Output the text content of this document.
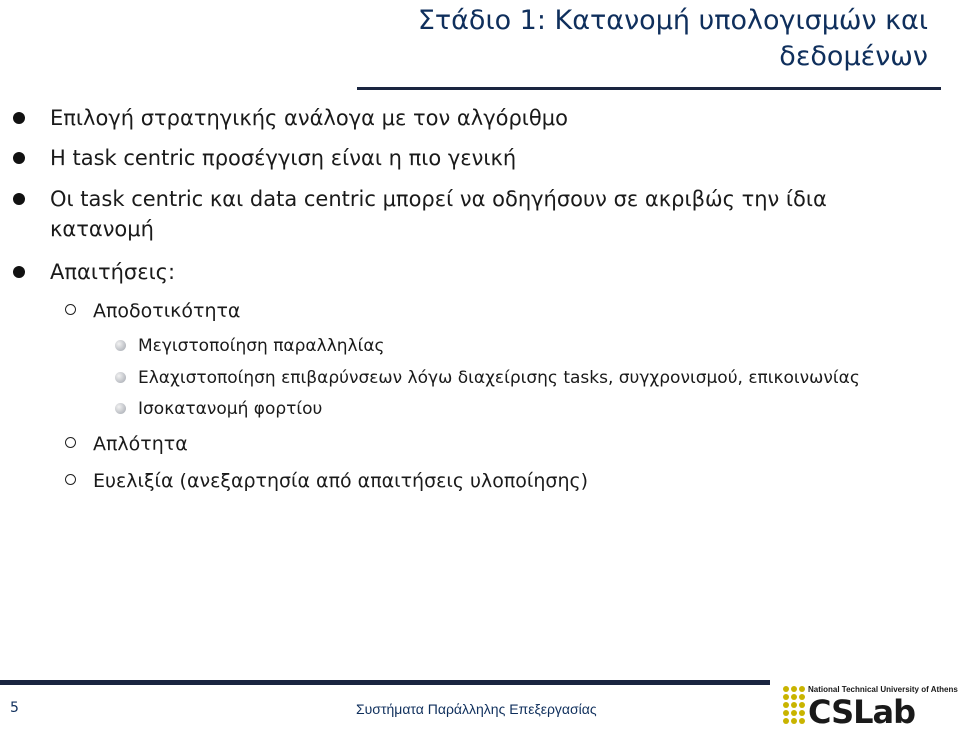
Στάδιο 1: Κατανομή υπολογισμών και δεδομένων
Επιλογή στρατηγικής ανάλογα με τον αλγόριθμο
Η task centric προσέγγιση είναι η πιο γενική
Οι task centric και data centric μπορεί να οδηγήσουν σε ακριβώς την ίδια κατανομή
Απαιτήσεις:
Αποδοτικότητα
Μεγιστοποίηση παραλληλίας
Ελαχιστοποίηση επιβαρύνσεων λόγω διαχείρισης tasks, συγχρονισμού, επικοινωνίας
Ισοκατανομή φορτίου
Απλότητα
Ευελιξία (ανεξαρτησία από απαιτήσεις υλοποίησης)
5	Συστήματα Παράλληλης Επεξεργασίας
National Technical University of Athens
CSLab
